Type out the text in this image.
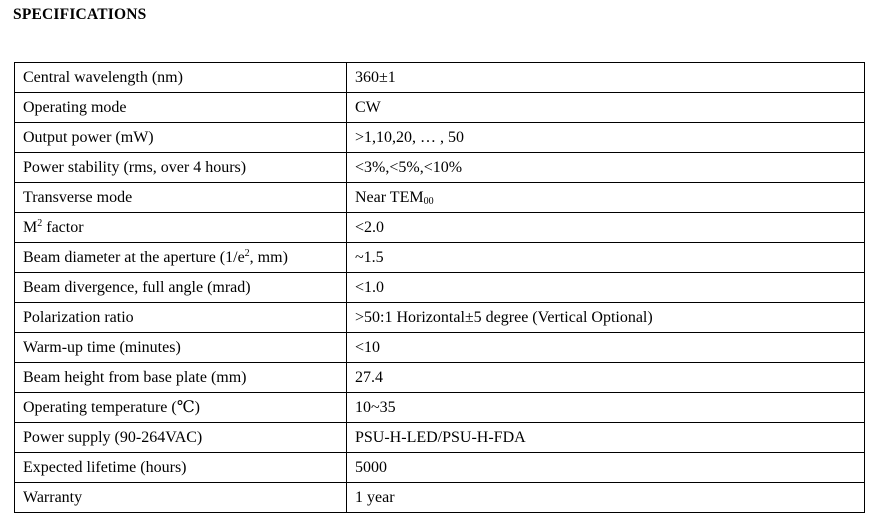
SPECIFICATIONS
Central wavelength (nm)	360±1
Operating mode	CW
Output power (mW)	>1,10,20, … , 50
Power stability (rms, over 4 hours)	<3%,<5%,<10%
Transverse mode	Near $TEM_{00}$
$M^2$ factor	<2.0
Beam diameter at the aperture ($1/e^2$, mm)	~1.5
Beam divergence, full angle (mrad)	<1.0
Polarization ratio	>50:1 Horizontal±5 degree (Vertical Optional)
Warm-up time (minutes)	<10
Beam height from base plate (mm)	27.4
Operating temperature (℃)	10~35
Power supply (90-264VAC)	PSU-H-LED/PSU-H-FDA
Expected lifetime (hours)	5000
Warranty	1 year
